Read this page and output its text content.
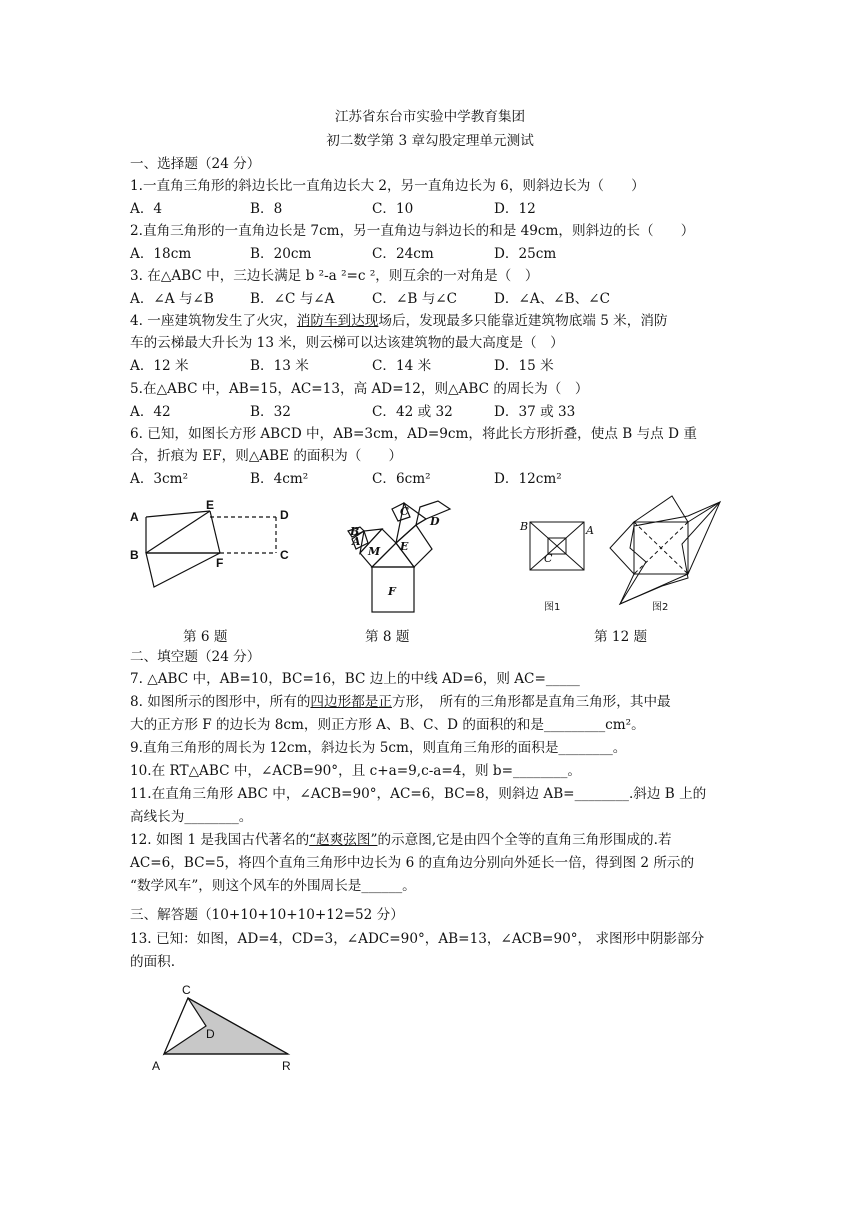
江苏省东台市实验中学教育集团
初二数学第 3 章勾股定理单元测试
一、选择题（24 分）
1.一直角三角形的斜边长比一直角边长大 2，另一直角边长为 6，则斜边长为（　　）
A．4	B．8	C．10	D．12
2.直角三角形的一直角边长是 7cm，另一直角边与斜边长的和是 49cm，则斜边的长（　　）
A．18cm	B．20cm	C．24cm	D．25cm
3. 在△ABC 中，三边长满足 b ²-a ²=c ²，则互余的一对角是（　）
A．∠A 与∠B	B．∠C 与∠A	C．∠B 与∠C	D．∠A、∠B、∠C
4. 一座建筑物发生了火灾，消防车到达现场后，发现最多只能靠近建筑物底端 5 米，消防
车的云梯最大升长为 13 米，则云梯可以达该建筑物的最大高度是（　）
A．12 米	B．13 米	C．14 米	D．15 米
5.在△ABC 中，AB=15，AC=13，高 AD=12，则△ABC 的周长为（　）
A．42	B．32	C．42 或 32	D．37 或 33
6. 已知，如图长方形 ABCD 中，AB=3cm，AD=9cm，将此长方形折叠，使点 B 与点 D 重
合，折痕为 EF，则△ABE 的面积为（　　）
A．3cm²	B．4cm²	C．6cm²	D．12cm²
A
E
D
B
F
C
第 6 题
C
D
E
A
B
M
F
第 8 题
B	A
C
图1	图2
第 12 题
二、填空题（24 分）
7. △ABC 中，AB=10，BC=16，BC 边上的中线 AD=6，则 AC=_____
8. 如图所示的图形中，所有的四边形都是正方形，　所有的三角形都是直角三角形，其中最
大的正方形 F 的边长为 8cm，则正方形 A、B、C、D 的面积的和是_________cm²。
9.直角三角形的周长为 12cm，斜边长为 5cm，则直角三角形的面积是________。
10.在 RT△ABC 中，∠ACB=90°，且 c+a=9,c-a=4，则 b=________。
11.在直角三角形 ABC 中，∠ACB=90°，AC=6，BC=8，则斜边 AB=________.斜边 B 上的
高线长为________。
12. 如图 1 是我国古代著名的“赵爽弦图”的示意图,它是由四个全等的直角三角形围成的.若
AC=6，BC=5，将四个直角三角形中边长为 6 的直角边分别向外延长一倍，得到图 2 所示的
“数学风车”，则这个风车的外围周长是______。
三、解答题（10+10+10+10+12=52 分）
13. 已知：如图，AD=4，CD=3，∠ADC=90°，AB=13，∠ACB=90°， 求图形中阴影部分
的面积.
C
D
A	R
